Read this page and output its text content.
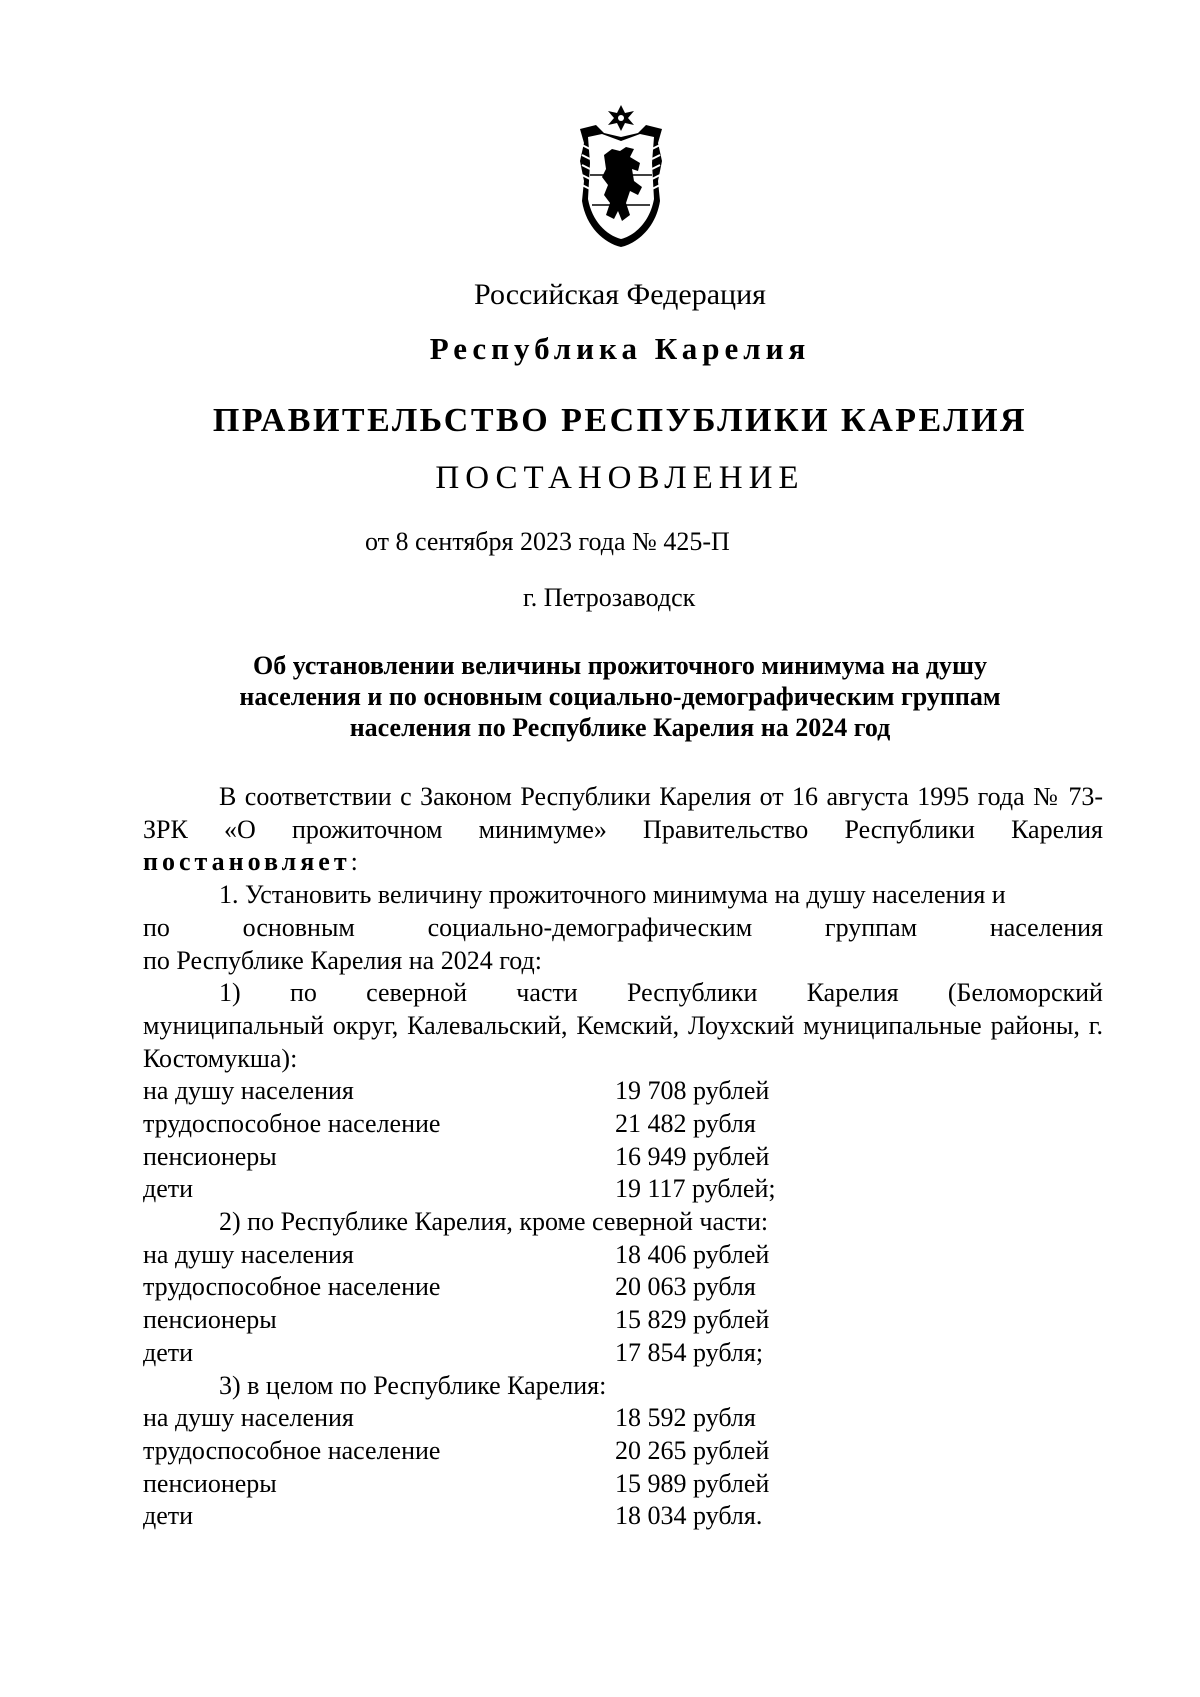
Российская Федерация
Республика Карелия
ПРАВИТЕЛЬСТВО РЕСПУБЛИКИ КАРЕЛИЯ
ПОСТАНОВЛЕНИЕ
от 8 сентября 2023 года № 425-П
г. Петрозаводск
Об установлении величины прожиточного минимума на душу
населения и по основным социально-демографическим группам
населения по Республике Карелия на 2024 год

В соответствии с Законом Республики Карелия от 16 августа 1995 года № 73-ЗРК «О прожиточном минимуме» Правительство Республики Карелия постановляет:

1. Установить величину прожиточного минимума на душу населения и
по	основным	социально-демографическим	группам	населения
по Республике Карелия на 2024 год:
1) по северной части Республики Карелия (Беломорский

муниципальный округ, Калевальский, Кемский, Лоухский муниципальные районы, г. Костомукша):

на душу населения	19 708 рублей
трудоспособное население	21 482 рубля
пенсионеры	16 949 рублей
дети	19 117 рублей;
2) по Республике Карелия, кроме северной части:
на душу населения	18 406 рублей
трудоспособное население	20 063 рубля
пенсионеры	15 829 рублей
дети	17 854 рубля;
3) в целом по Республике Карелия:
на душу населения	18 592 рубля
трудоспособное население	20 265 рублей
пенсионеры	15 989 рублей
дети	18 034 рубля.
